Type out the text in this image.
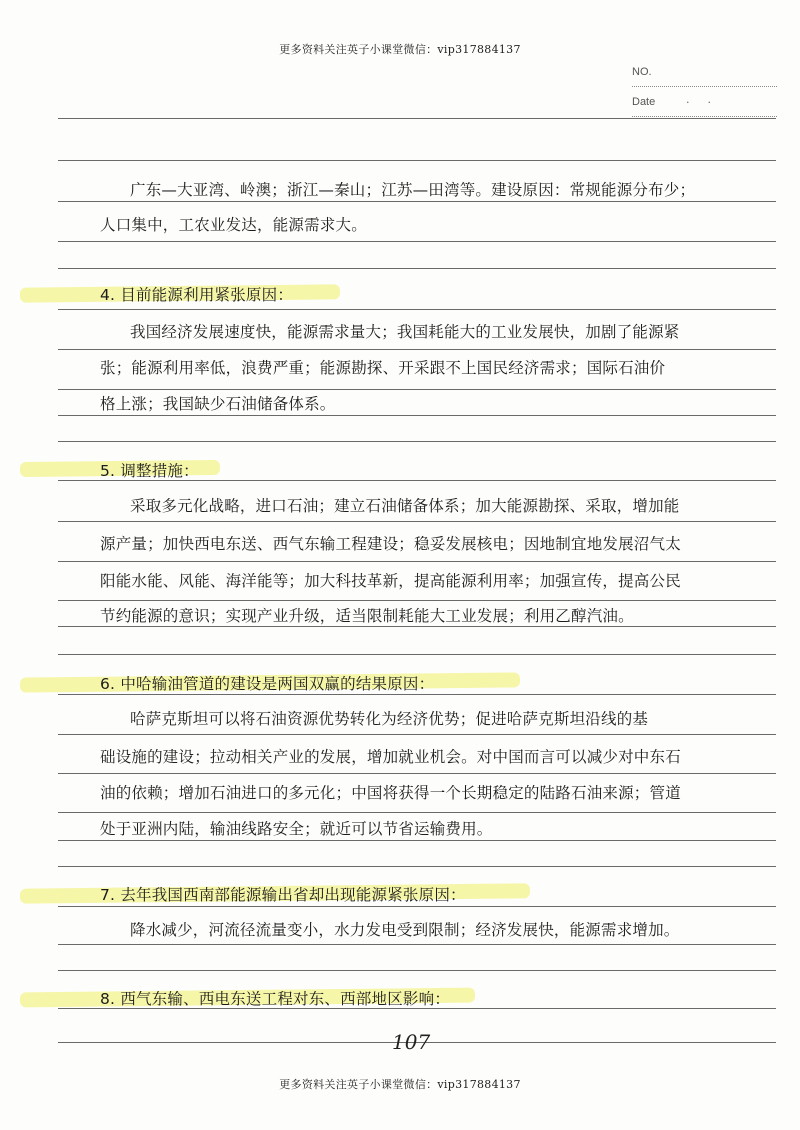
更多资料关注英子小课堂微信：vip317884137
NO.
Date	··
广东—大亚湾、岭澳；浙江—秦山；江苏—田湾等。建设原因：常规能源分布少；
人口集中，工农业发达，能源需求大。
4. 目前能源利用紧张原因：
我国经济发展速度快，能源需求量大；我国耗能大的工业发展快，加剧了能源紧
张；能源利用率低，浪费严重；能源勘探、开采跟不上国民经济需求；国际石油价
格上涨；我国缺少石油储备体系。
5. 调整措施：
采取多元化战略，进口石油；建立石油储备体系；加大能源勘探、采取，增加能
源产量；加快西电东送、西气东输工程建设；稳妥发展核电；因地制宜地发展沼气太
阳能水能、风能、海洋能等；加大科技革新，提高能源利用率；加强宣传，提高公民
节约能源的意识；实现产业升级，适当限制耗能大工业发展；利用乙醇汽油。
6. 中哈输油管道的建设是两国双赢的结果原因：
哈萨克斯坦可以将石油资源优势转化为经济优势；促进哈萨克斯坦沿线的基
础设施的建设；拉动相关产业的发展，增加就业机会。对中国而言可以减少对中东石
油的依赖；增加石油进口的多元化；中国将获得一个长期稳定的陆路石油来源；管道
处于亚洲内陆，输油线路安全；就近可以节省运输费用。
7. 去年我国西南部能源输出省却出现能源紧张原因：
降水减少，河流径流量变小，水力发电受到限制；经济发展快，能源需求增加。
8. 西气东输、西电东送工程对东、西部地区影响：
107
更多资料关注英子小课堂微信：vip317884137
